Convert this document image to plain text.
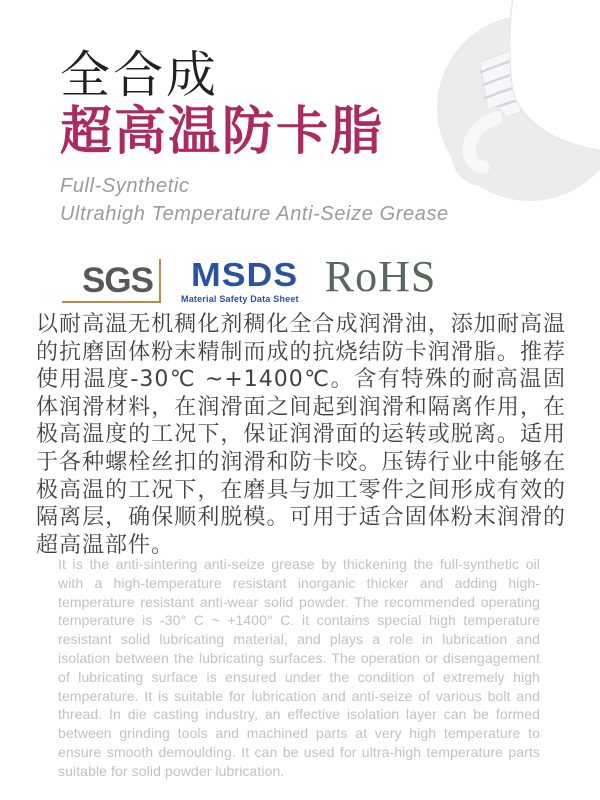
全合成
超高温防卡脂
Full-Synthetic
Ultrahigh Temperature Anti-Seize Grease
SGS	MSDS
Material Safety Data Sheet RoHS

以耐高温无机稠化剂稠化全合成润滑油，添加耐高温的抗磨固体粉末精制而成的抗烧结防卡润滑脂。推荐使用温度-30℃ ~+1400℃。含有特殊的耐高温固体润滑材料，在润滑面之间起到润滑和隔离作用，在极高温度的工况下，保证润滑面的运转或脱离。适用于各种螺栓丝扣的润滑和防卡咬。压铸行业中能够在极高温的工况下，在磨具与加工零件之间形成有效的隔离层，确保顺利脱模。可用于适合固体粉末润滑的超高温部件。

It is the anti-sintering anti-seize grease by thickening the full-synthetic oil with a high-temperature resistant inorganic thicker and adding high-temperature resistant anti-wear solid powder. The recommended operating temperature is -30° C ~ +1400° C. it contains special high temperature resistant solid lubricating material, and plays a role in lubrication and isolation between the lubricating surfaces. The operation or disengagement of lubricating surface is ensured under the condition of extremely high temperature. It is suitable for lubrication and anti-seize of various bolt and thread. In die casting industry, an effective isolation layer can be formed between grinding tools and machined parts at very high temperature to ensure smooth demoulding. It can be used for ultra-high temperature parts suitable for solid powder lubrication.
